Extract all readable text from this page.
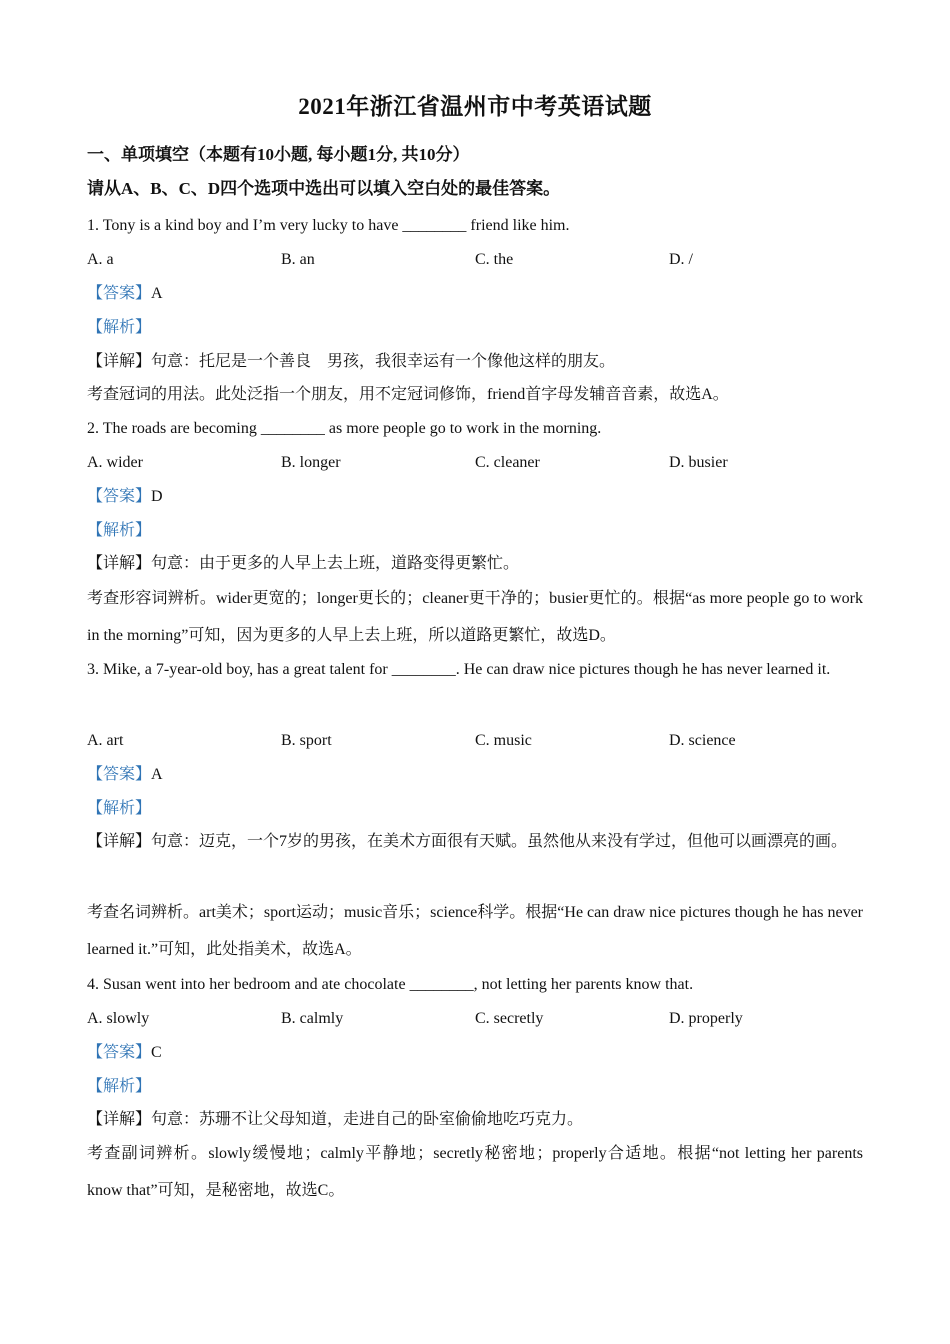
2021年浙江省温州市中考英语试题
一、单项填空（本题有10小题, 每小题1分, 共10分）
请从A、B、C、D四个选项中选出可以填入空白处的最佳答案。
1. Tony is a kind boy and I’m very lucky to have ________ friend like him.
A. a	B. an	C. the	D. /
【答案】A
【解析】
【详解】句意：托尼是一个善良　男孩，我很幸运有一个像他这样的朋友。
考查冠词的用法。此处泛指一个朋友，用不定冠词修饰，friend首字母发辅音音素，故选A。
2. The roads are becoming ________ as more people go to work in the morning.
A. wider	B. longer	C. cleaner	D. busier
【答案】D
【解析】
【详解】句意：由于更多的人早上去上班，道路变得更繁忙。
考查形容词辨析。wider更宽的；longer更长的；cleaner更干净的；busier更忙的。根据“as more people go to work in the morning”可知，因为更多的人早上去上班，所以道路更繁忙，故选D。
3. Mike, a 7-year-old boy, has a great talent for ________. He can draw nice pictures though he has never learned it.
A. art	B. sport	C. music	D. science
【答案】A
【解析】
【详解】句意：迈克，一个7岁的男孩，在美术方面很有天赋。虽然他从来没有学过，但他可以画漂亮的画。
考查名词辨析。art美术；sport运动；music音乐；science科学。根据“He can draw nice pictures though he has never learned it.”可知，此处指美术，故选A。
4. Susan went into her bedroom and ate chocolate ________, not letting her parents know that.
A. slowly	B. calmly	C. secretly	D. properly
【答案】C
【解析】
【详解】句意：苏珊不让父母知道，走进自己的卧室偷偷地吃巧克力。
考查副词辨析。slowly缓慢地；calmly平静地；secretly秘密地；properly合适地。根据“not letting her parents know that”可知，是秘密地，故选C。
